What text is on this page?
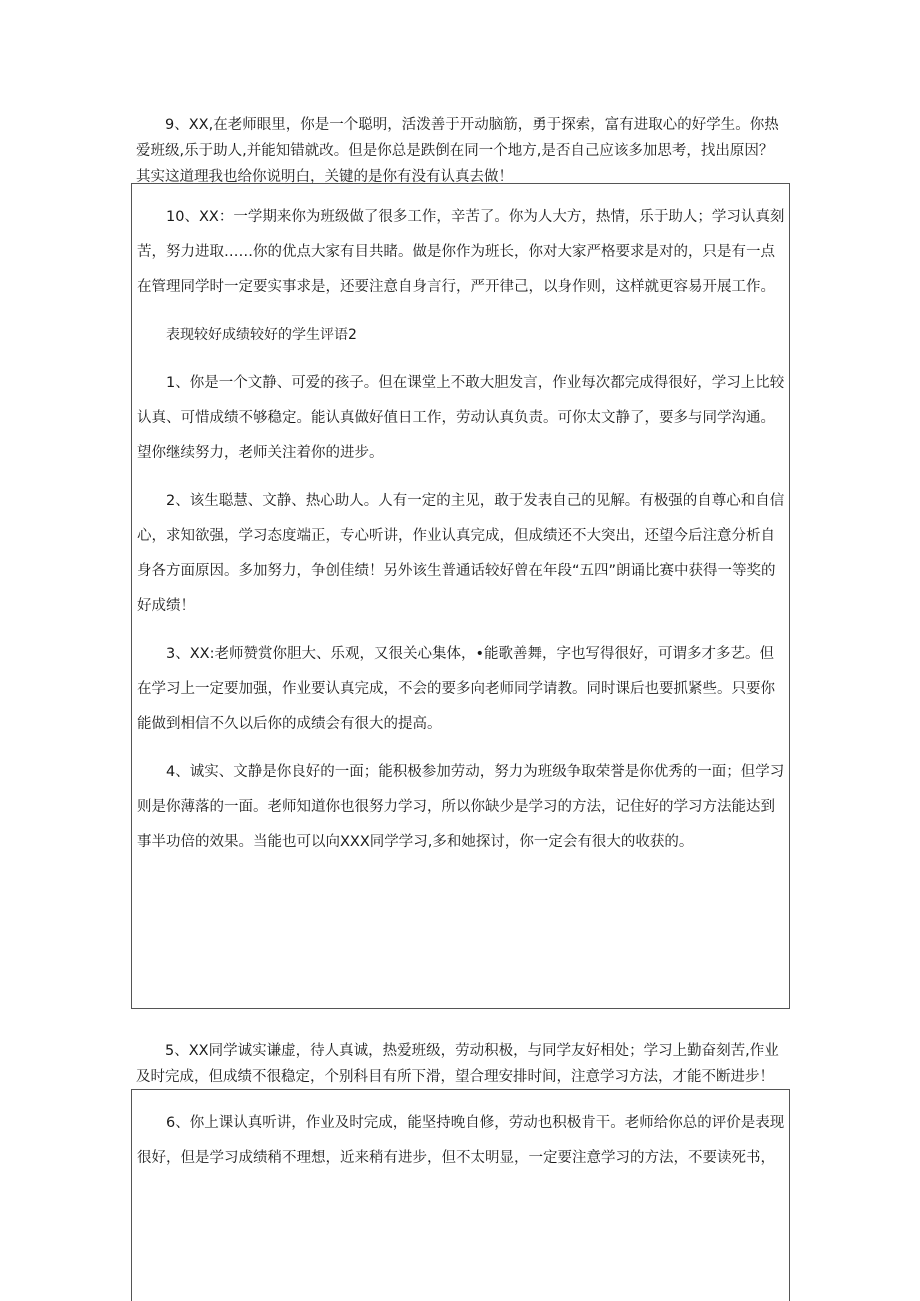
9、XX,在老师眼里，你是一个聪明，活泼善于开动脑筋，勇于探索，富有进取心的好学生。你热爱班级,乐于助人,并能知错就改。但是你总是跌倒在同一个地方,是否自己应该多加思考，找出原因？其实这道理我也给你说明白，关键的是你有没有认真去做！

10、XX：一学期来你为班级做了很多工作，辛苦了。你为人大方，热情，乐于助人；学习认真刻苦，努力进取……你的优点大家有目共睹。做是你作为班长，你对大家严格要求是对的，只是有一点在管理同学时一定要实事求是，还要注意自身言行，严开律己，以身作则，这样就更容易开展工作。

表现较好成绩较好的学生评语2

1、你是一个文静、可爱的孩子。但在课堂上不敢大胆发言，作业每次都完成得很好，学习上比较认真、可惜成绩不够稳定。能认真做好值日工作，劳动认真负责。可你太文静了，要多与同学沟通。望你继续努力，老师关注着你的进步。

2、该生聪慧、文静、热心助人。人有一定的主见，敢于发表自己的见解。有极强的自尊心和自信心，求知欲强，学习态度端正，专心听讲，作业认真完成，但成绩还不大突出，还望今后注意分析自身各方面原因。多加努力，争创佳绩！另外该生普通话较好曾在年段“五四”朗诵比赛中获得一等奖的好成绩！

3、XX:老师赞赏你胆大、乐观，又很关心集体，•能歌善舞，字也写得很好，可谓多才多艺。但在学习上一定要加强，作业要认真完成，不会的要多向老师同学请教。同时课后也要抓紧些。只要你能做到相信不久以后你的成绩会有很大的提高。

4、诚实、文静是你良好的一面；能积极参加劳动，努力为班级争取荣誉是你优秀的一面；但学习则是你薄落的一面。老师知道你也很努力学习，所以你缺少是学习的方法，记住好的学习方法能达到事半功倍的效果。当能也可以向XXX同学学习,多和她探讨，你一定会有很大的收获的。

5、XX同学诚实谦虚，待人真诚，热爱班级，劳动积极，与同学友好相处；学习上勤奋刻苦,作业及时完成，但成绩不很稳定，个别科目有所下滑，望合理安排时间，注意学习方法，才能不断进步！

6、你上课认真听讲，作业及时完成，能坚持晚自修，劳动也积极肯干。老师给你总的评价是表现很好，但是学习成绩稍不理想，近来稍有进步，但不太明显，一定要注意学习的方法，不要读死书，
